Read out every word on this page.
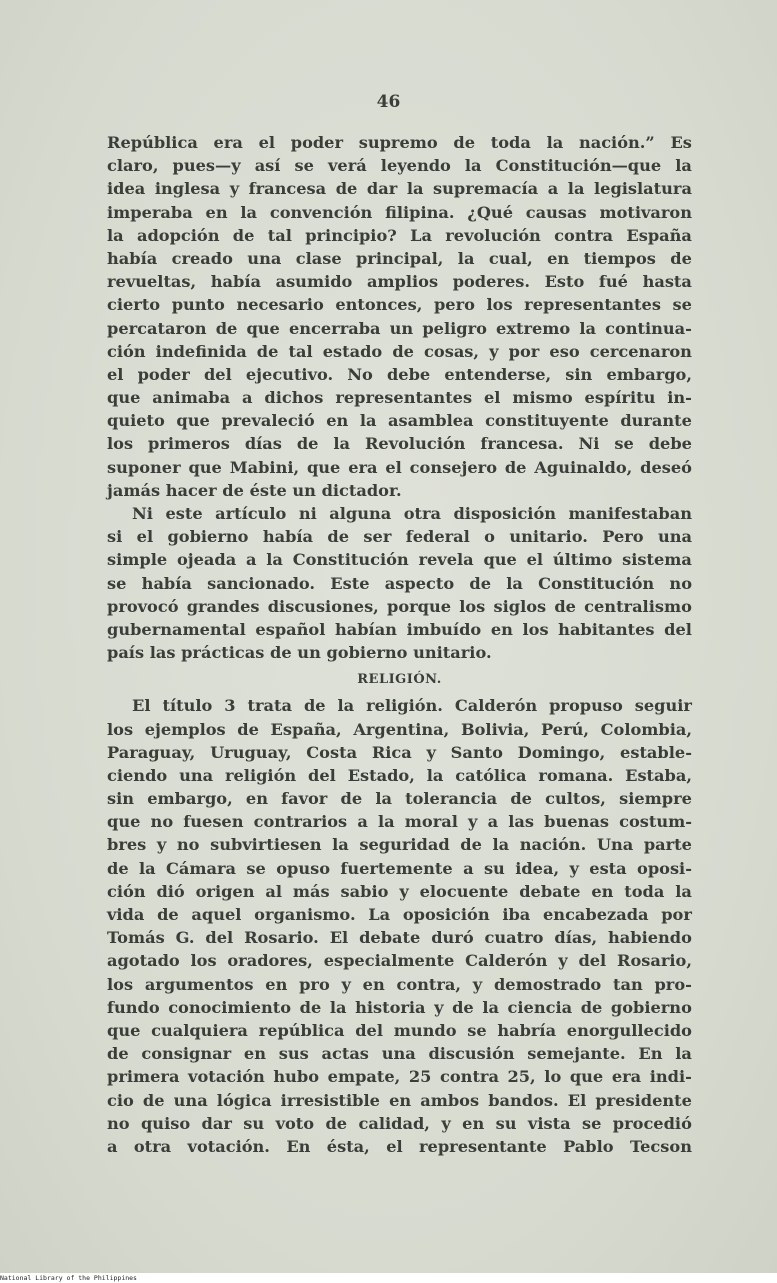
46
República era el poder supremo de toda la nación.” Es
claro, pues—y así se verá leyendo la Constitución—que la
idea inglesa y francesa de dar la supremacía a la legislatura
imperaba en la convención filipina. ¿Qué causas motivaron
la adopción de tal principio? La revolución contra España
había creado una clase principal, la cual, en tiempos de
revueltas, había asumido amplios poderes. Esto fué hasta
cierto punto necesario entonces, pero los representantes se
percataron de que encerraba un peligro extremo la continua-
ción indefinida de tal estado de cosas, y por eso cercenaron
el poder del ejecutivo. No debe entenderse, sin embargo,
que animaba a dichos representantes el mismo espíritu in-
quieto que prevaleció en la asamblea constituyente durante
los primeros días de la Revolución francesa. Ni se debe
suponer que Mabini, que era el consejero de Aguinaldo, deseó
jamás hacer de éste un dictador.
Ni este artículo ni alguna otra disposición manifestaban
si el gobierno había de ser federal o unitario. Pero una
simple ojeada a la Constitución revela que el último sistema
se había sancionado. Este aspecto de la Constitución no
provocó grandes discusiones, porque los siglos de centralismo
gubernamental español habían imbuído en los habitantes del
país las prácticas de un gobierno unitario.
RELIGIÓN.
El título 3 trata de la religión. Calderón propuso seguir
los ejemplos de España, Argentina, Bolivia, Perú, Colombia,
Paraguay, Uruguay, Costa Rica y Santo Domingo, estable-
ciendo una religión del Estado, la católica romana. Estaba,
sin embargo, en favor de la tolerancia de cultos, siempre
que no fuesen contrarios a la moral y a las buenas costum-
bres y no subvirtiesen la seguridad de la nación. Una parte
de la Cámara se opuso fuertemente a su idea, y esta oposi-
ción dió origen al más sabio y elocuente debate en toda la
vida de aquel organismo. La oposición iba encabezada por
Tomás G. del Rosario. El debate duró cuatro días, habiendo
agotado los oradores, especialmente Calderón y del Rosario,
los argumentos en pro y en contra, y demostrado tan pro-
fundo conocimiento de la historia y de la ciencia de gobierno
que cualquiera república del mundo se habría enorgullecido
de consignar en sus actas una discusión semejante. En la
primera votación hubo empate, 25 contra 25, lo que era indi-
cio de una lógica irresistible en ambos bandos. El presidente
no quiso dar su voto de calidad, y en su vista se procedió
a otra votación. En ésta, el representante Pablo Tecson
National Library of the Philippines
